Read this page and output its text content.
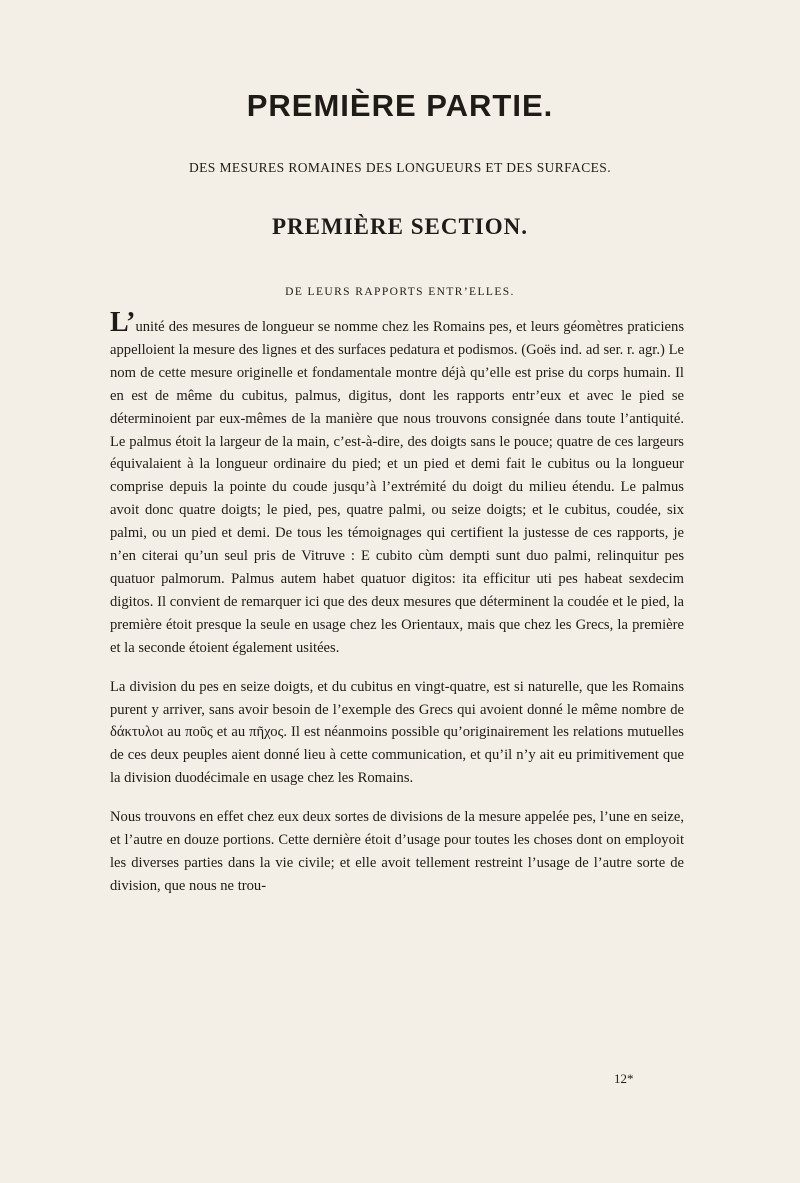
PREMIÈRE PARTIE.
DES MESURES ROMAINES DES LONGUEURS ET DES SURFACES.
PREMIÈRE SECTION.
DE LEURS RAPPORTS ENTR’ELLES.

L’unité des mesures de longueur se nomme chez les Romains pes, et leurs géomètres praticiens appelloient la mesure des lignes et des surfaces pedatura et podismos. (Goës ind. ad ser. r. agr.) Le nom de cette mesure originelle et fondamentale montre déjà qu’elle est prise du corps humain. Il en est de même du cubitus, palmus, digitus, dont les rapports entr’eux et avec le pied se déterminoient par eux-mêmes de la manière que nous trouvons consignée dans toute l’antiquité. Le palmus étoit la largeur de la main, c’est-à-dire, des doigts sans le pouce; quatre de ces largeurs équivalaient à la longueur ordinaire du pied; et un pied et demi fait le cubitus ou la longueur comprise depuis la pointe du coude jusqu’à l’extrémité du doigt du milieu étendu. Le palmus avoit donc quatre doigts; le pied, pes, quatre palmi, ou seize doigts; et le cubitus, coudée, six palmi, ou un pied et demi. De tous les témoignages qui certifient la justesse de ces rapports, je n’en citerai qu’un seul pris de Vitruve : E cubito cùm dempti sunt duo palmi, relinquitur pes quatuor palmorum. Palmus autem habet quatuor digitos: ita efficitur uti pes habeat sexdecim digitos. Il convient de remarquer ici que des deux mesures que déterminent la coudée et le pied, la première étoit presque la seule en usage chez les Orientaux, mais que chez les Grecs, la première et la seconde étoient également usitées.

La division du pes en seize doigts, et du cubitus en vingt-quatre, est si naturelle, que les Romains purent y arriver, sans avoir besoin de l’exemple des Grecs qui avoient donné le même nombre de δάκτυλοι au ποῦς et au πῆχος. Il est néanmoins possible qu’originairement les relations mutuelles de ces deux peuples aient donné lieu à cette communication, et qu’il n’y ait eu primitivement que la division duodécimale en usage chez les Romains.

Nous trouvons en effet chez eux deux sortes de divisions de la mesure appelée pes, l’une en seize, et l’autre en douze portions. Cette dernière étoit d’usage pour toutes les choses dont on employoit les diverses parties dans la vie civile; et elle avoit tellement restreint l’usage de l’autre sorte de division, que nous ne trou-

12*
